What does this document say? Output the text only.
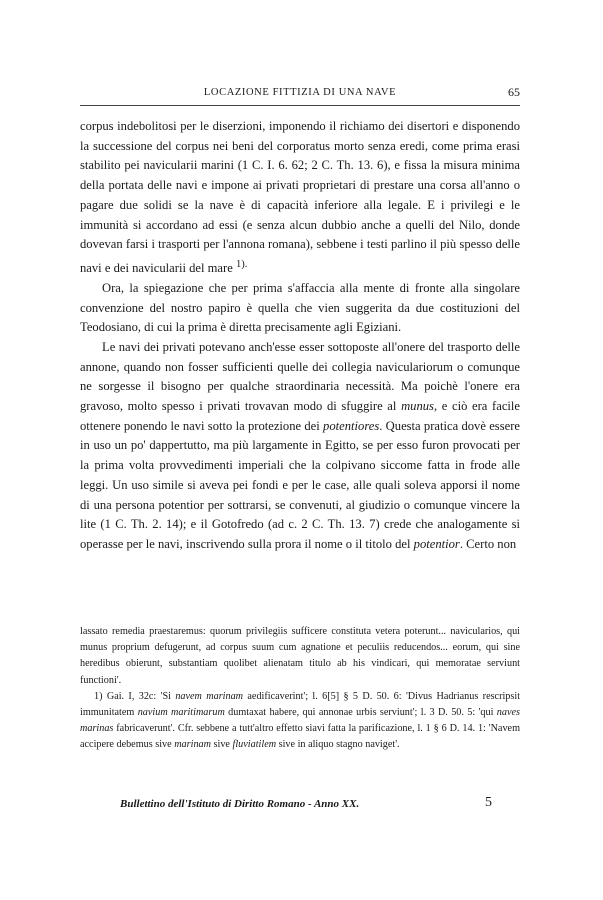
LOCAZIONE FITTIZIA DI UNA NAVE	65

corpus indebolitosi per le diserzioni, imponendo il richiamo dei disertori e disponendo la successione del corpus nei beni del corporatus morto senza eredi, come prima erasi stabilito pei navicularii marini (1 C. I. 6. 62; 2 C. Th. 13. 6), e fissa la misura minima della portata delle navi e impone ai privati proprietari di prestare una corsa all'anno o pagare due solidi se la nave è di capacità inferiore alla legale. E i privilegi e le immunità si accordano ad essi (e senza alcun dubbio anche a quelli del Nilo, donde dovevan farsi i trasporti per l'annona romana), sebbene i testi parlino il più spesso delle navi e dei navicularii del mare $^{1).}$

Ora, la spiegazione che per prima s'affaccia alla mente di fronte alla singolare convenzione del nostro papiro è quella che vien suggerita da due costituzioni del Teodosiano, di cui la prima è diretta precisamente agli Egiziani.

Le navi dei privati potevano anch'esse esser sottoposte all'onere del trasporto delle annone, quando non fosser sufficienti quelle dei collegia naviculariorum o comunque ne sorgesse il bisogno per qualche straordinaria necessità. Ma poichè l'onere era gravoso, molto spesso i privati trovavan modo di sfuggire al munus, e ciò era facile ottenere ponendo le navi sotto la protezione dei potentiores. Questa pratica dovè essere in uso un po' dappertutto, ma più largamente in Egitto, se per esso furon provocati per la prima volta provvedimenti imperiali che la colpivano siccome fatta in frode alle leggi. Un uso simile si aveva pei fondi e per le case, alle quali soleva apporsi il nome di una persona potentior per sottrarsi, se convenuti, al giudizio o comunque vincere la lite (1 C. Th. 2. 14); e il Gotofredo (ad c. 2 C. Th. 13. 7) crede che analogamente si operasse per le navi, inscrivendo sulla prora il nome o il titolo del potentior. Certo non

lassato remedia praestaremus: quorum privilegiis sufficere constituta vetera poterunt... navicularios, qui munus proprium defugerunt, ad corpus suum cum agnatione et peculiis reducendos... eorum, qui sine heredibus obierunt, substantiam quolibet alienatam titulo ab his vindicari, qui memoratae serviunt functioni'.

1) Gai. I, 32c: 'Si navem marinam aedificaverint'; l. 6[5] § 5 D. 50. 6: 'Divus Hadrianus rescripsit immunitatem navium maritimarum dumtaxat habere, qui annonae urbis serviunt'; l. 3 D. 50. 5: 'qui naves marinas fabricaverunt'. Cfr. sebbene a tutt'altro effetto siavi fatta la parificazione, l. 1 § 6 D. 14. 1: 'Navem accipere debemus sive marinam sive fluviatilem sive in aliquo stagno naviget'.

Bullettino dell'Istituto di Diritto Romano - Anno XX.	5
